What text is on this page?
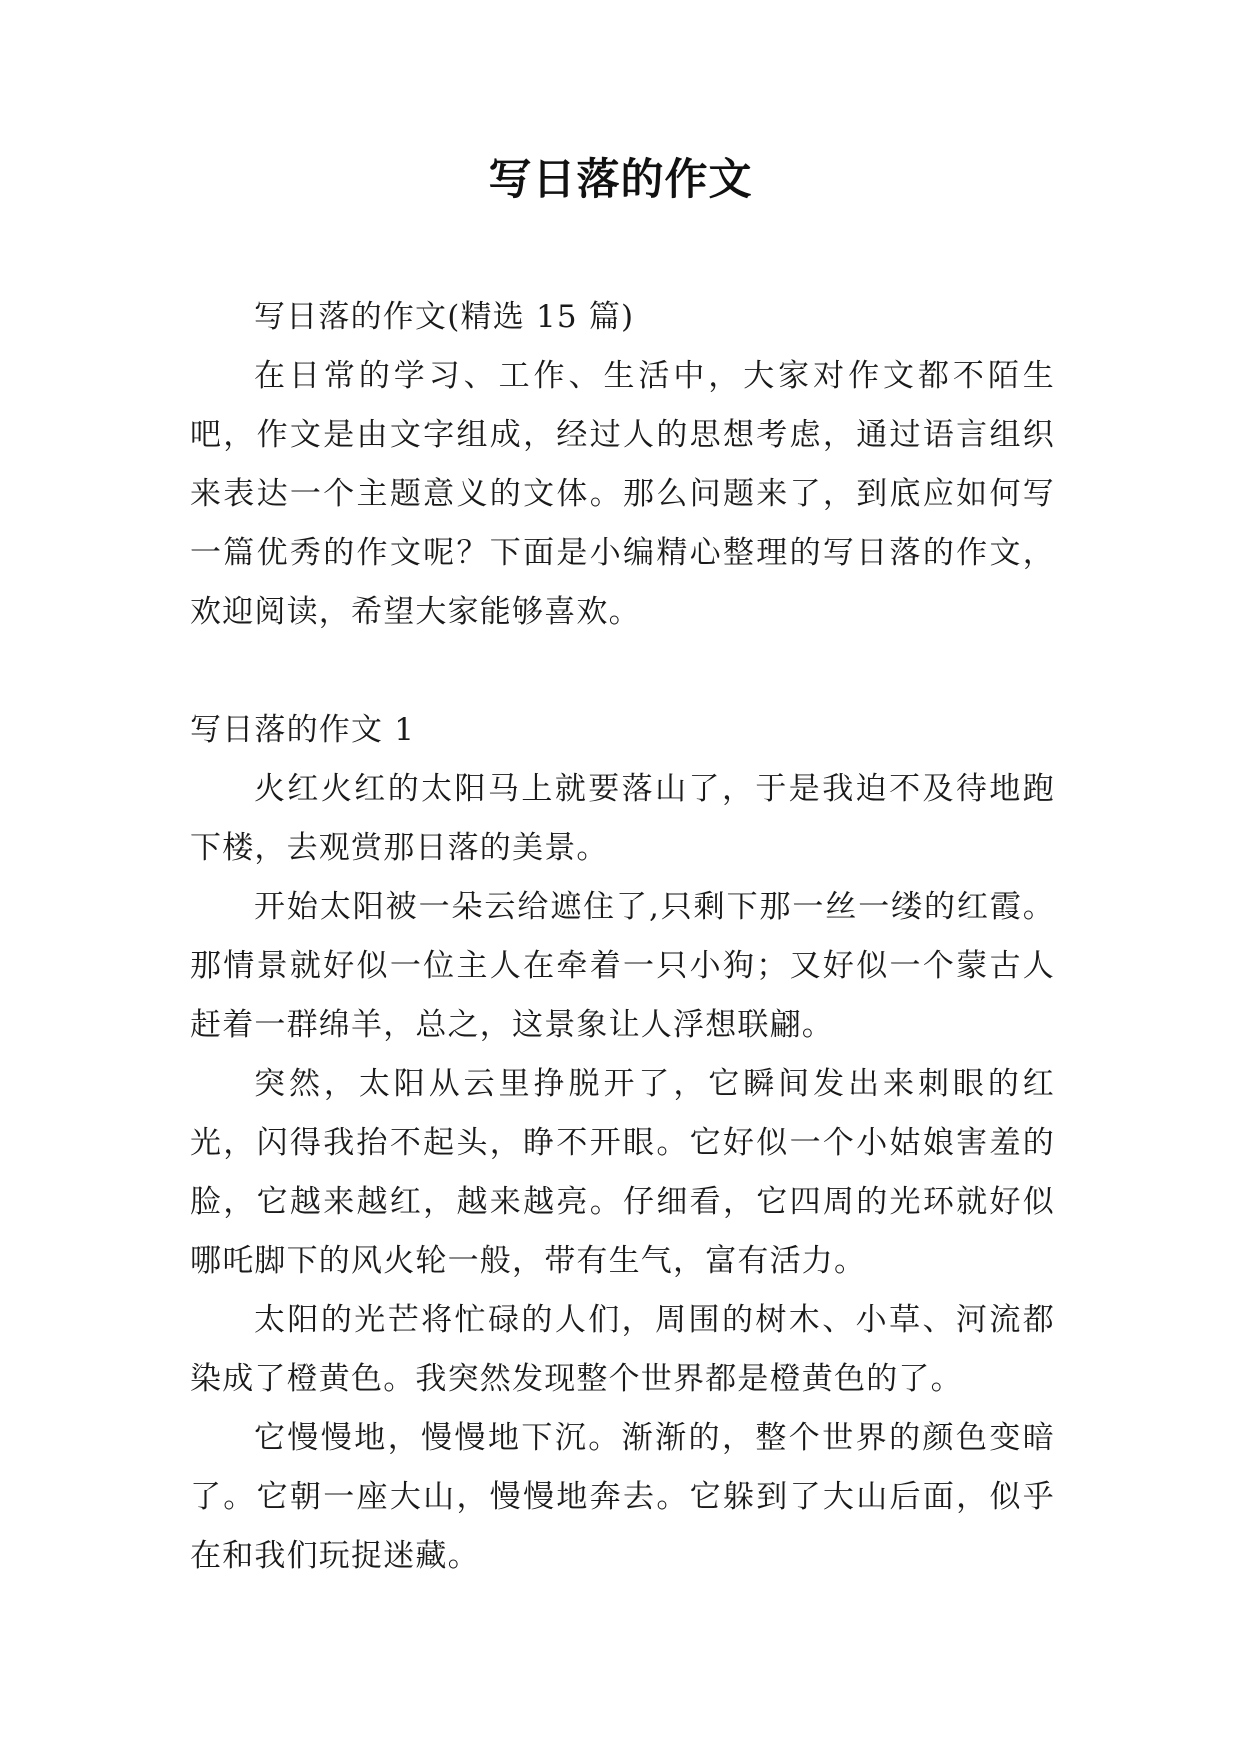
写日落的作文

写日落的作文(精选 15 篇)

在日常的学习、工作、生活中，大家对作文都不陌生吧，作文是由文字组成，经过人的思想考虑，通过语言组织来表达一个主题意义的文体。那么问题来了，到底应如何写一篇优秀的作文呢？下面是小编精心整理的写日落的作文，欢迎阅读，希望大家能够喜欢。

写日落的作文 1

火红火红的太阳马上就要落山了，于是我迫不及待地跑下楼，去观赏那日落的美景。

开始太阳被一朵云给遮住了,只剩下那一丝一缕的红霞。那情景就好似一位主人在牵着一只小狗；又好似一个蒙古人赶着一群绵羊，总之，这景象让人浮想联翩。

突然，太阳从云里挣脱开了，它瞬间发出来刺眼的红光，闪得我抬不起头，睁不开眼。它好似一个小姑娘害羞的脸，它越来越红，越来越亮。仔细看，它四周的光环就好似哪吒脚下的风火轮一般，带有生气，富有活力。

太阳的光芒将忙碌的人们，周围的树木、小草、河流都染成了橙黄色。我突然发现整个世界都是橙黄色的了。

它慢慢地，慢慢地下沉。渐渐的，整个世界的颜色变暗了。它朝一座大山，慢慢地奔去。它躲到了大山后面，似乎在和我们玩捉迷藏。
